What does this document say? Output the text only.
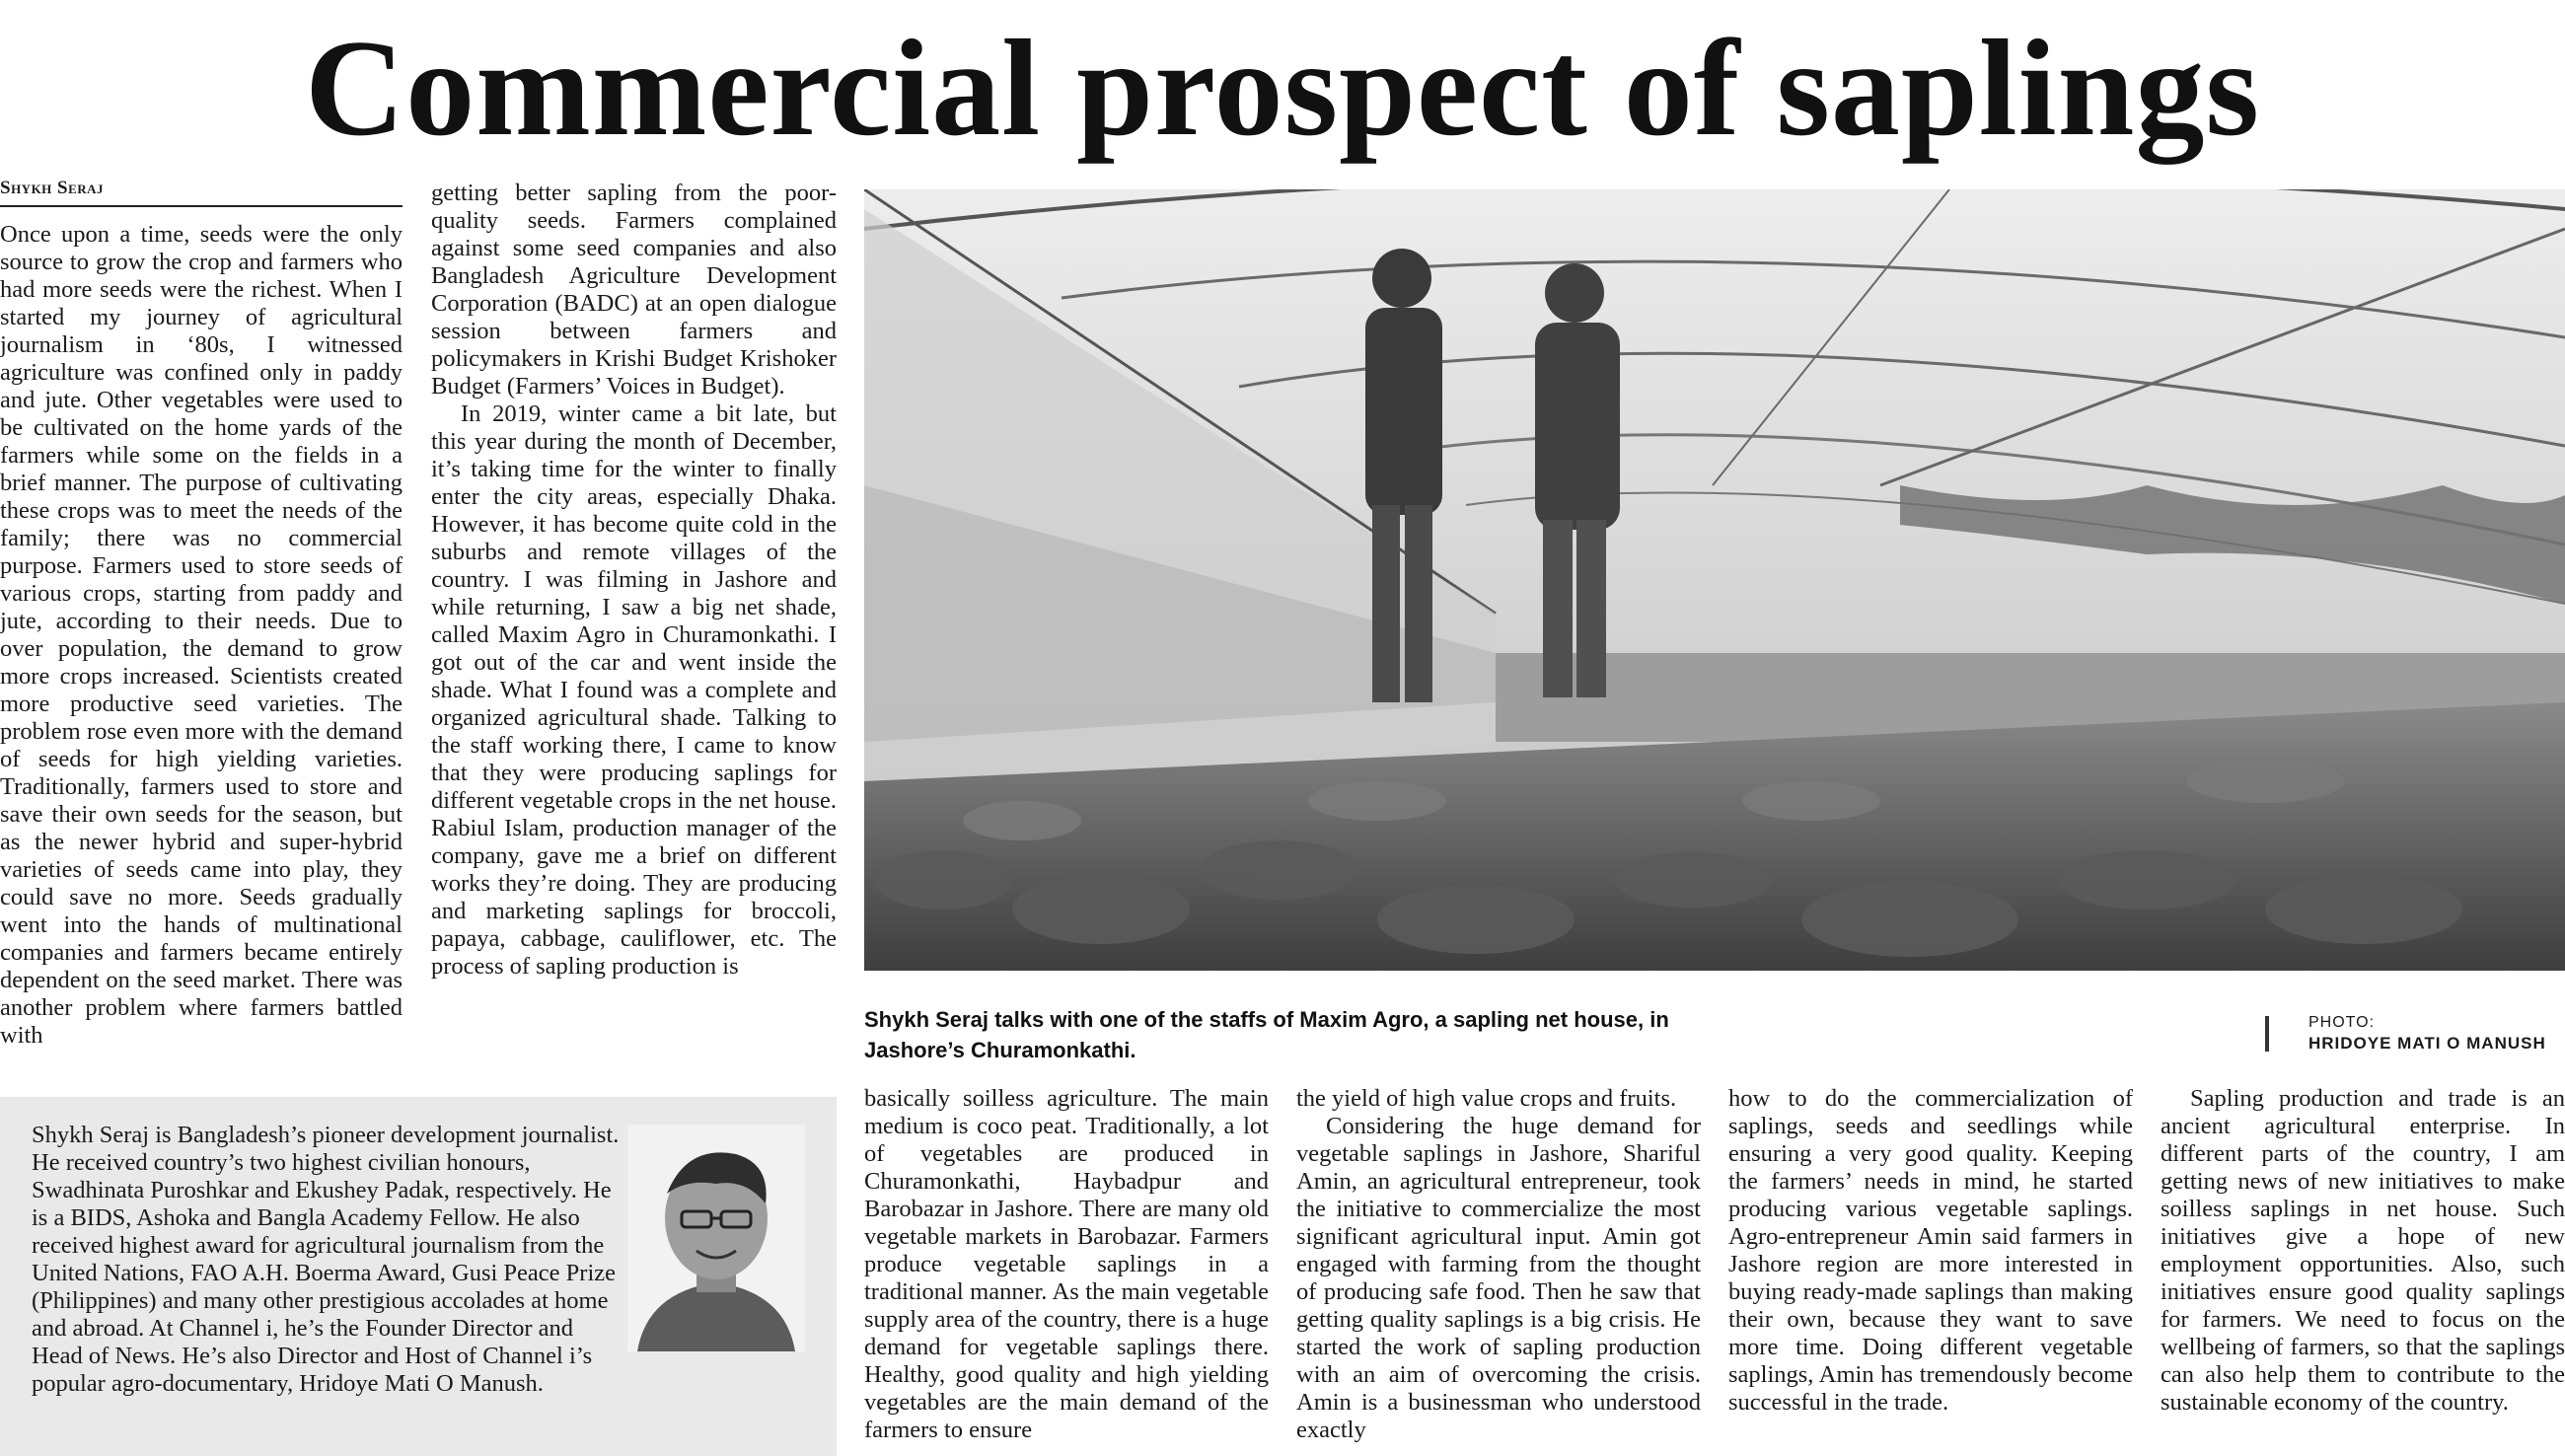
Commercial prospect of saplings
Shykh Seraj

Once upon a time, seeds were the only source to grow the crop and farmers who had more seeds were the richest. When I started my journey of agricultural journalism in ‘80s, I witnessed agriculture was confined only in paddy and jute. Other vegetables were used to be cultivated on the home yards of the farmers while some on the fields in a brief manner. The purpose of cultivating these crops was to meet the needs of the family; there was no commercial purpose. Farmers used to store seeds of various crops, starting from paddy and jute, according to their needs. Due to over population, the demand to grow more crops increased. Scientists created more productive seed varieties. The problem rose even more with the demand of seeds for high yielding varieties. Traditionally, farmers used to store and save their own seeds for the season, but as the newer hybrid and super-hybrid varieties of seeds came into play, they could save no more. Seeds gradually went into the hands of multinational companies and farmers became entirely dependent on the seed market. There was another problem where farmers battled with

getting better sapling from the poor-quality seeds. Farmers complained against some seed companies and also Bangladesh Agriculture Development Corporation (BADC) at an open dialogue session between farmers and policymakers in Krishi Budget Krishoker Budget (Farmers’ Voices in Budget).

In 2019, winter came a bit late, but this year during the month of December, it’s taking time for the winter to finally enter the city areas, especially Dhaka. However, it has become quite cold in the suburbs and remote villages of the country. I was filming in Jashore and while returning, I saw a big net shade, called Maxim Agro in Churamonkathi. I got out of the car and went inside the shade. What I found was a complete and organized agricultural shade. Talking to the staff working there, I came to know that they were producing saplings for different vegetable crops in the net house. Rabiul Islam, production manager of the company, gave me a brief on different works they’re doing. They are producing and marketing saplings for broccoli, papaya, cabbage, cauliflower, etc. The process of sapling production is

Shykh Seraj talks with one of the staffs of Maxim Agro, a sapling net house, in Jashore’s Churamonkathi.
PHOTO:
HRIDOYE MATI O MANUSH
Shykh Seraj is Bangladesh’s pioneer development journalist. He received country’s two highest civilian honours, Swadhinata Puroshkar and Ekushey Padak, respectively. He is a BIDS, Ashoka and Bangla Academy Fellow. He also received highest award for agricultural journalism from the United Nations, FAO A.H. Boerma Award, Gusi Peace Prize (Philippines) and many other prestigious accolades at home and abroad. At Channel i, he’s the Founder Director and Head of News. He’s also Director and Host of Channel i’s popular agro-documentary, Hridoye Mati O Manush.

basically soilless agriculture. The main medium is coco peat. Traditionally, a lot of vegetables are produced in Churamonkathi, Haybadpur and Barobazar in Jashore. There are many old vegetable markets in Barobazar. Farmers produce vegetable saplings in a traditional manner. As the main vegetable supply area of the country, there is a huge demand for vegetable saplings there. Healthy, good quality and high yielding vegetables are the main demand of the farmers to ensure

the yield of high value crops and fruits.

Considering the huge demand for vegetable saplings in Jashore, Shariful Amin, an agricultural entrepreneur, took the initiative to commercialize the most significant agricultural input. Amin got engaged with farming from the thought of producing safe food. Then he saw that getting quality saplings is a big crisis. He started the work of sapling production with an aim of overcoming the crisis. Amin is a businessman who understood exactly

how to do the commercialization of saplings, seeds and seedlings while ensuring a very good quality. Keeping the farmers’ needs in mind, he started producing various vegetable saplings. Agro-entrepreneur Amin said farmers in Jashore region are more interested in buying ready-made saplings than making their own, because they want to save more time. Doing different vegetable saplings, Amin has tremendously become successful in the trade.

Sapling production and trade is an ancient agricultural enterprise. In different parts of the country, I am getting news of new initiatives to make soilless saplings in net house. Such initiatives give a hope of new employment opportunities. Also, such initiatives ensure good quality saplings for farmers. We need to focus on the wellbeing of farmers, so that the saplings can also help them to contribute to the sustainable economy of the country.
